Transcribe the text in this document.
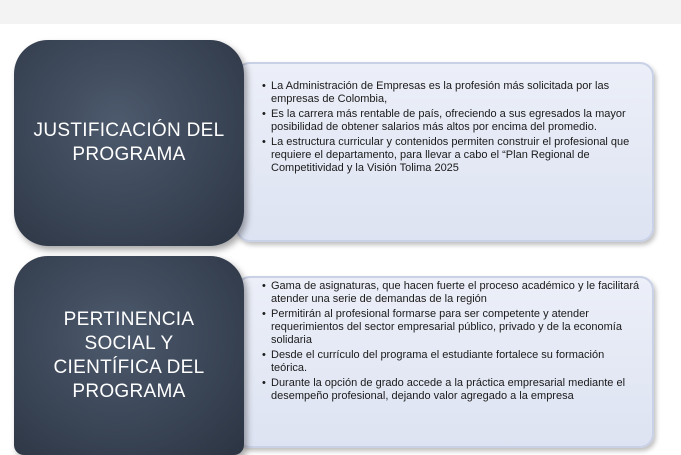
JUSTIFICACIÓN DEL
PROGRAMA
• La Administración de Empresas es la profesión más solicitada por las empresas de Colombia,
• Es la carrera más rentable de país, ofreciendo a sus egresados la mayor posibilidad de obtener salarios más altos por encima del promedio.
• La estructura curricular y contenidos permiten construir el profesional que requiere el departamento, para llevar a cabo el “Plan Regional de Competitividad y la Visión Tolima 2025
PERTINENCIA
SOCIAL Y
CIENTÍFICA DEL
PROGRAMA
• Gama de asignaturas, que hacen fuerte el proceso académico y le facilitará atender una serie de demandas de la región
• Permitirán al profesional formarse para ser competente y atender requerimientos del sector empresarial público, privado y de la economía solidaria
• Desde el currículo del programa el estudiante fortalece su formación teórica.
• Durante la opción de grado accede a la práctica empresarial mediante el desempeño profesional, dejando valor agregado a la empresa
